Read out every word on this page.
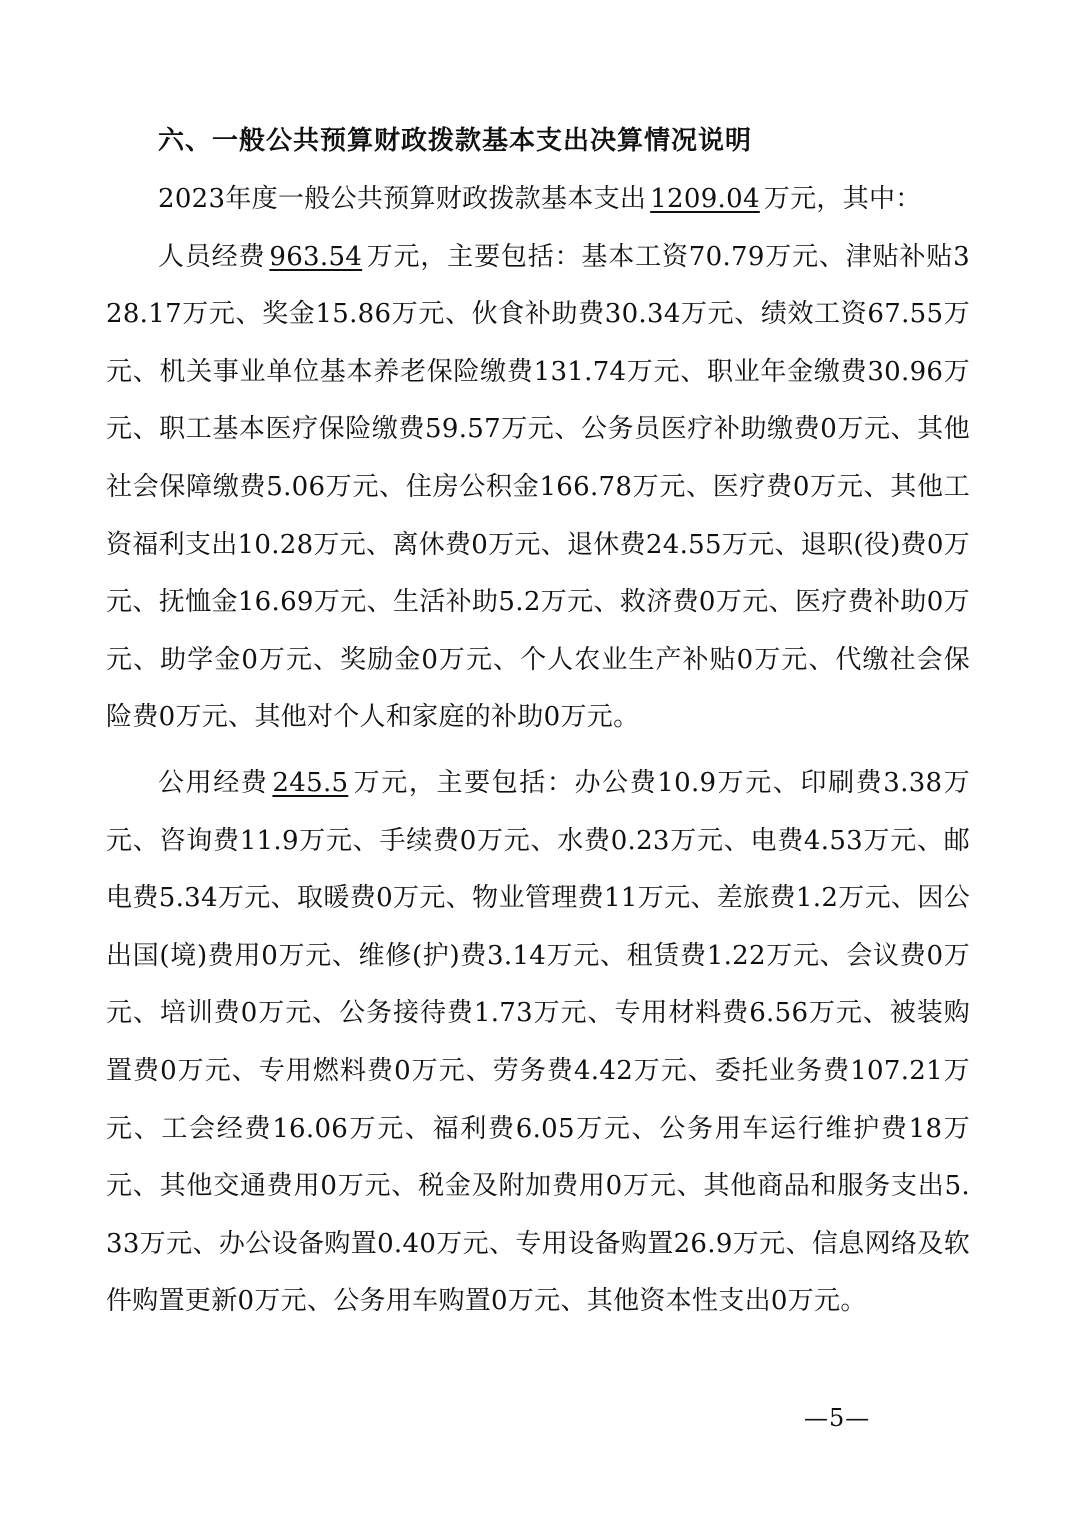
六、一般公共预算财政拨款基本支出决算情况说明

2023年度一般公共预算财政拨款基本支出 1209.04 万元，其中：

人员经费 963.54 万元，主要包括：基本工资70.79万元、津贴补贴328.17万元、奖金15.86万元、伙食补助费30.34万元、绩效工资67.55万元、机关事业单位基本养老保险缴费131.74万元、职业年金缴费30.96万元、职工基本医疗保险缴费59.57万元、公务员医疗补助缴费0万元、其他社会保障缴费5.06万元、住房公积金166.78万元、医疗费0万元、其他工资福利支出10.28万元、离休费0万元、退休费24.55万元、退职(役)费0万元、抚恤金16.69万元、生活补助5.2万元、救济费0万元、医疗费补助0万元、助学金0万元、奖励金0万元、个人农业生产补贴0万元、代缴社会保险费0万元、其他对个人和家庭的补助0万元。

公用经费 245.5 万元，主要包括：办公费10.9万元、印刷费3.38万元、咨询费11.9万元、手续费0万元、水费0.23万元、电费4.53万元、邮电费5.34万元、取暖费0万元、物业管理费11万元、差旅费1.2万元、因公出国(境)费用0万元、维修(护)费3.14万元、租赁费1.22万元、会议费0万元、培训费0万元、公务接待费1.73万元、专用材料费6.56万元、被装购置费0万元、专用燃料费0万元、劳务费4.42万元、委托业务费107.21万元、工会经费16.06万元、福利费6.05万元、公务用车运行维护费18万元、其他交通费用0万元、税金及附加费用0万元、其他商品和服务支出5.33万元、办公设备购置0.40万元、专用设备购置26.9万元、信息网络及软件购置更新0万元、公务用车购置0万元、其他资本性支出0万元。

—5—
